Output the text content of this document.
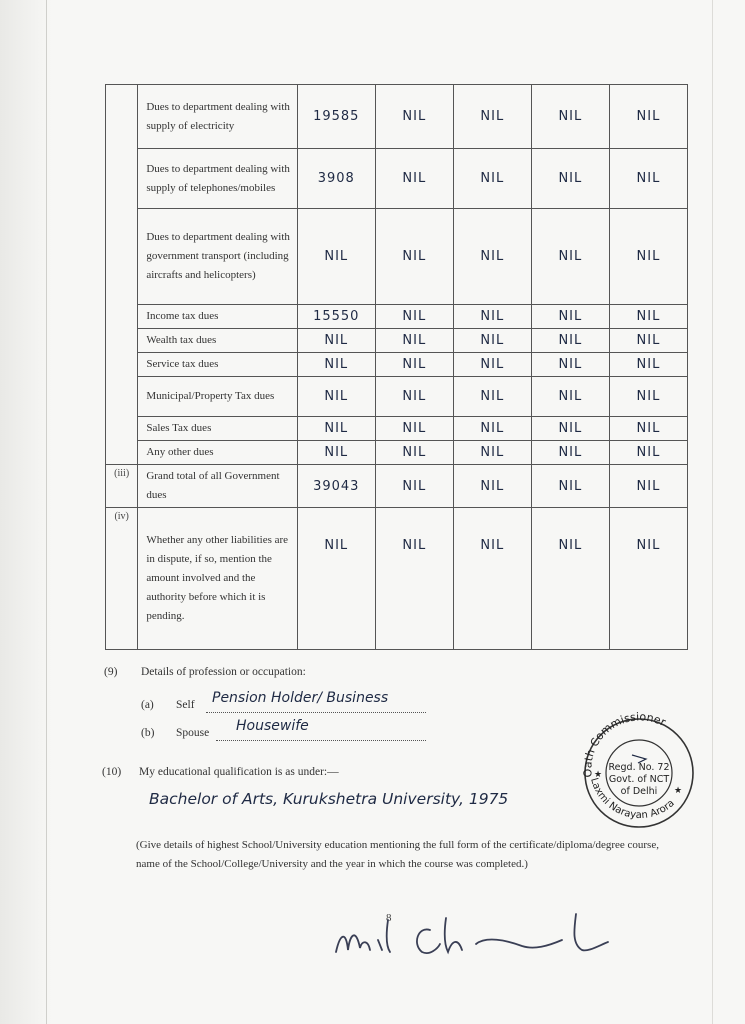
	Dues to department dealing with supply of electricity	19585	NIL	NIL	NIL	NIL
	Dues to department dealing with supply of telephones/mobiles	3908	NIL	NIL	NIL	NIL
	Dues to department dealing with government transport (including aircrafts and helicopters)	NIL	NIL	NIL	NIL	NIL
	Income tax dues	15550	NIL	NIL	NIL	NIL
	Wealth tax dues	NIL	NIL	NIL	NIL	NIL
	Service tax dues	NIL	NIL	NIL	NIL	NIL
	Municipal/Property Tax dues	NIL	NIL	NIL	NIL	NIL
	Sales Tax dues	NIL	NIL	NIL	NIL	NIL
	Any other dues	NIL	NIL	NIL	NIL	NIL
(iii)	Grand total of all Government dues	39043	NIL	NIL	NIL	NIL
(iv)	Whether any other liabilities are in dispute, if so, mention the amount involved and the authority before which it is pending.	NIL	NIL	NIL	NIL	NIL
(9) Details of profession or occupation:
(a) Self	Pension Holder/ Business
(b) Spouse	Housewife
(10) My educational qualification is as under:—
Bachelor of Arts, Kurukshetra University, 1975
(Give details of highest School/University education mentioning the full form of the certificate/diploma/degree course, name of the School/College/University and the year in which the course was completed.)
Oath Commissioner
Laxmi Narayan Arora
★
★
Regd. No. 72
Govt. of NCT
of Delhi
8
